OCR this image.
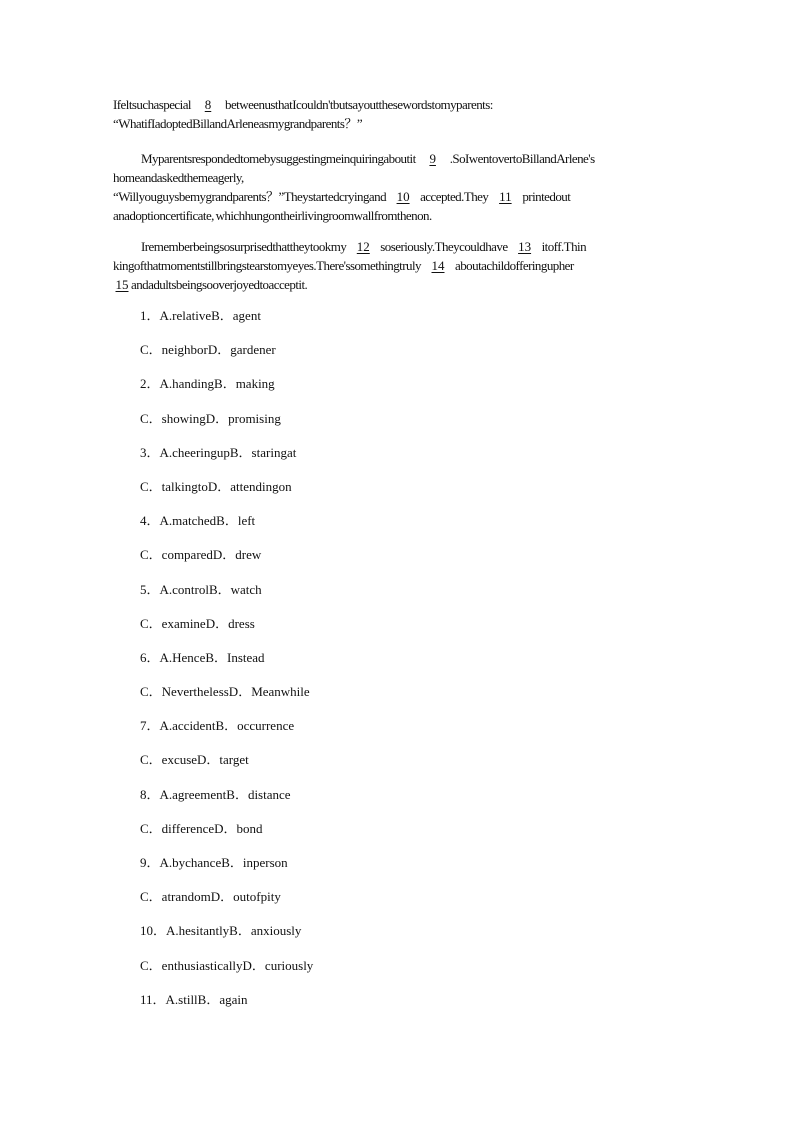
Ifeltsuchaspecial 8 betweenusthatIcouldn'tbutsayoutthesewordstomyparents:
“WhatifIadoptedBillandArleneasmygrandparents？”
Myparentsrespondedtomebysuggestingmeinquiringaboutit 9 .SoIwentovertoBillandArlene's
homeandaskedthemeagerly,
“Willyouguysbemygrandparents？”Theystartedcryingand 10 accepted.They 11 printedout
anadoptioncertificate, whichhungontheirlivingroomwallfromthenon.
Irememberbeingsosurprisedthattheytookmy 12 soseriously.Theycouldhave 13 itoff.Thin
kingofthatmomentstillbringstearstomyeyes.There'ssomethingtruly 14 aboutachildofferingupher
15 andadultsbeingsooverjoyedtoacceptit.
1．A.relativeB．agent
C．neighborD．gardener
2．A.handingB．making
C．showingD．promising
3．A.cheeringupB．staringat
C．talkingtoD．attendingon
4．A.matchedB．left
C．comparedD．drew
5．A.controlB．watch
C．examineD．dress
6．A.HenceB．Instead
C．NeverthelessD．Meanwhile
7．A.accidentB．occurrence
C．excuseD．target
8．A.agreementB．distance
C．differenceD．bond
9．A.bychanceB．inperson
C．atrandomD．outofpity
10．A.hesitantlyB．anxiously
C．enthusiasticallyD．curiously
11．A.stillB．again
